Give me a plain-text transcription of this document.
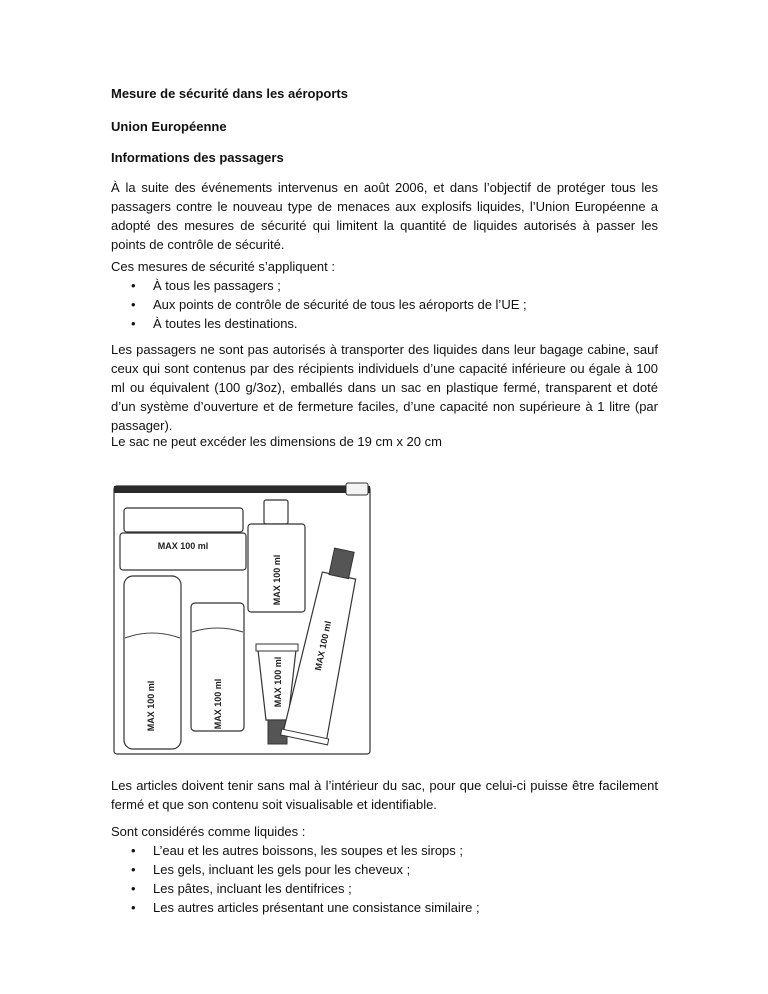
Mesure de sécurité dans les aéroports
Union Européenne
Informations des passagers
À la suite des événements intervenus en août 2006, et dans l’objectif de protéger tous les passagers contre le nouveau type de menaces aux explosifs liquides, l’Union Européenne a adopté des mesures de sécurité qui limitent la quantité de liquides autorisés à passer les points de contrôle de sécurité.
Ces mesures de sécurité s’appliquent :
• À tous les passagers ;
• Aux points de contrôle de sécurité de tous les aéroports de l’UE ;
• À toutes les destinations.
Les passagers ne sont pas autorisés à transporter des liquides dans leur bagage cabine, sauf ceux qui sont contenus par des récipients individuels d’une capacité inférieure ou égale à 100 ml ou équivalent (100 g/3oz), emballés dans un sac en plastique fermé, transparent et doté d’un système d’ouverture et de fermeture faciles, d’une capacité non supérieure à 1 litre (par passager).
Le sac ne peut excéder les dimensions de 19 cm x 20 cm
MAX 100 ml
MAX 100 ml
MAX 100 ml	MAX 100 ml	MAX 100 ml
MAX 100 ml
Les articles doivent tenir sans mal à l’intérieur du sac, pour que celui-ci puisse être facilement fermé et que son contenu soit visualisable et identifiable.
Sont considérés comme liquides :
• L’eau et les autres boissons, les soupes et les sirops ;
• Les gels, incluant les gels pour les cheveux ;
• Les pâtes, incluant les dentifrices ;
• Les autres articles présentant une consistance similaire ;
